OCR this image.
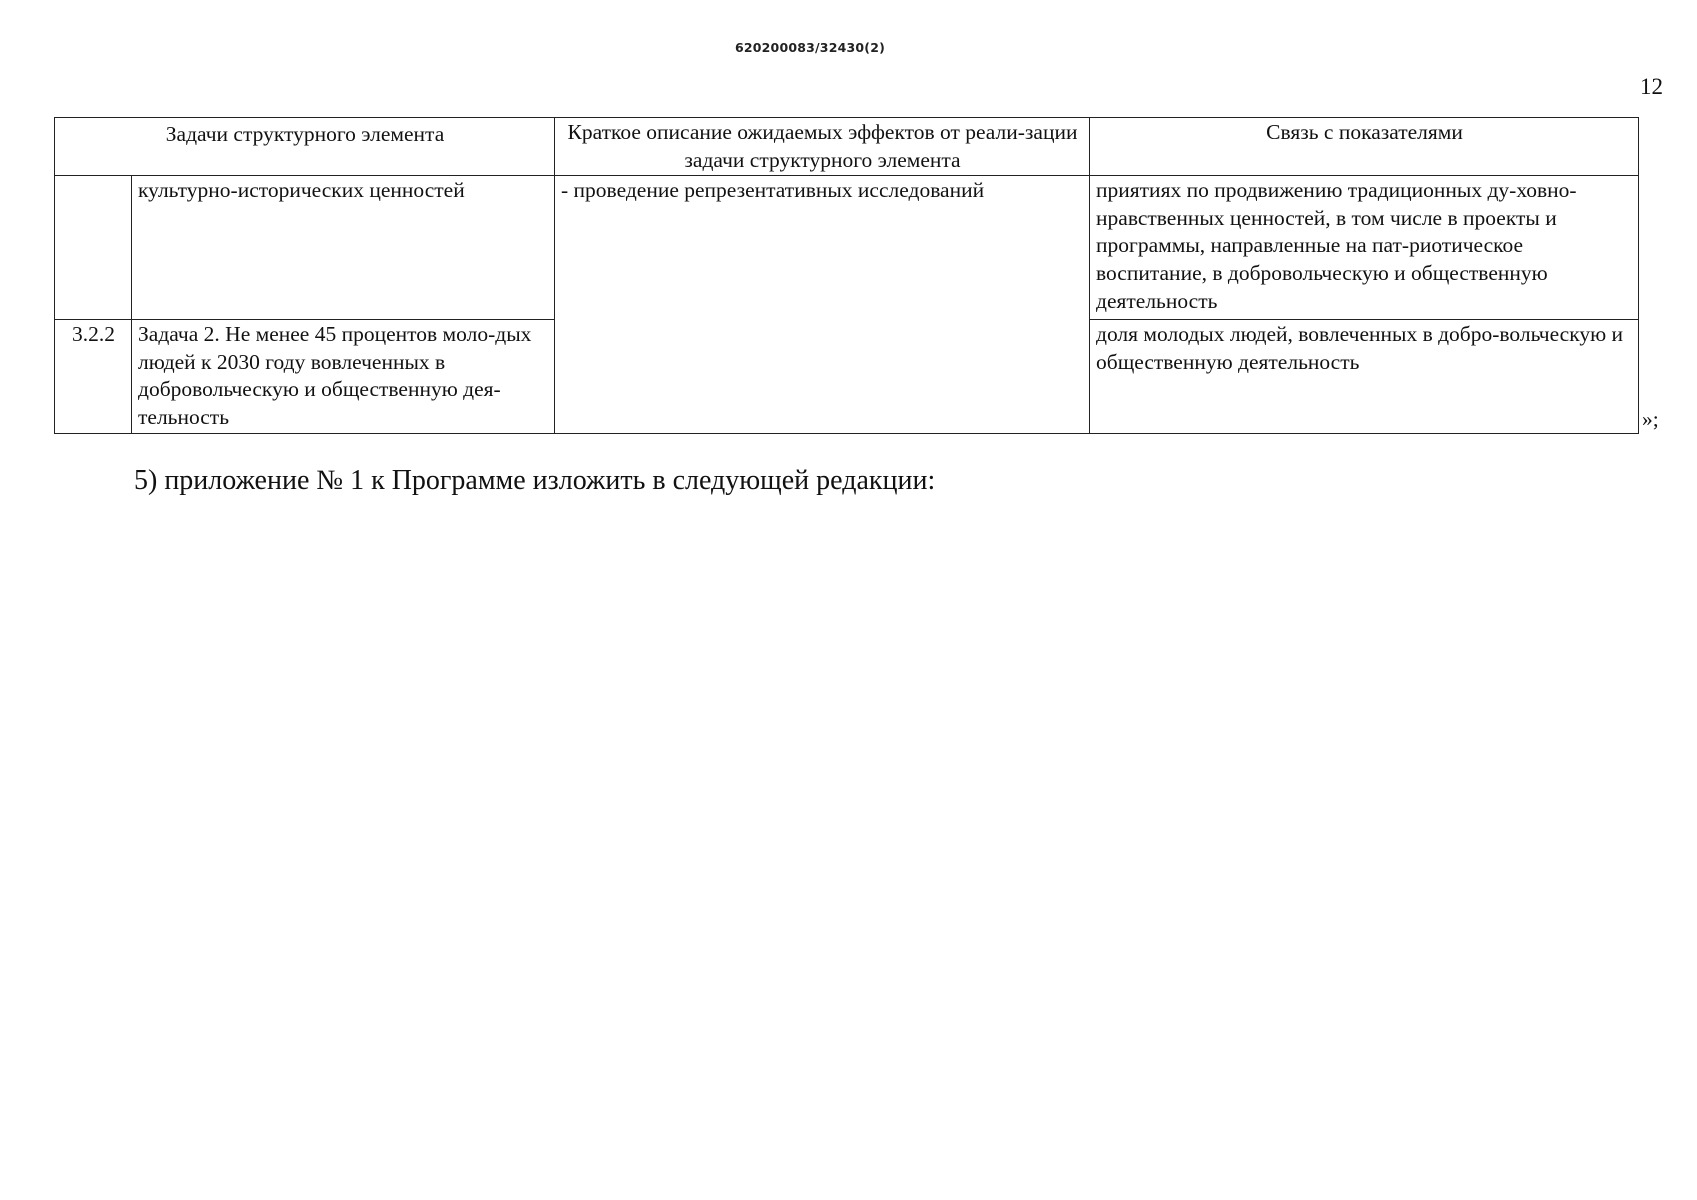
620200083/32430(2)
12
Задачи структурного элемента		Краткое описание ожидаемых эффектов от реали-зации задачи структурного элемента	Связь с показателями
	культурно-исторических ценностей	- проведение репрезентативных исследований	приятиях по продвижению традиционных ду-ховно-нравственных ценностей, в том числе в проекты и программы, направленные на пат-риотическое воспитание, в добровольческую и общественную деятельность
3.2.2	Задача 2. Не менее 45 процентов моло-дых людей к 2030 году вовлеченных в добровольческую и общественную дея-тельность		доля молодых людей, вовлеченных в добро-вольческую и общественную деятельность
»;
5) приложение № 1 к Программе изложить в следующей редакции:
